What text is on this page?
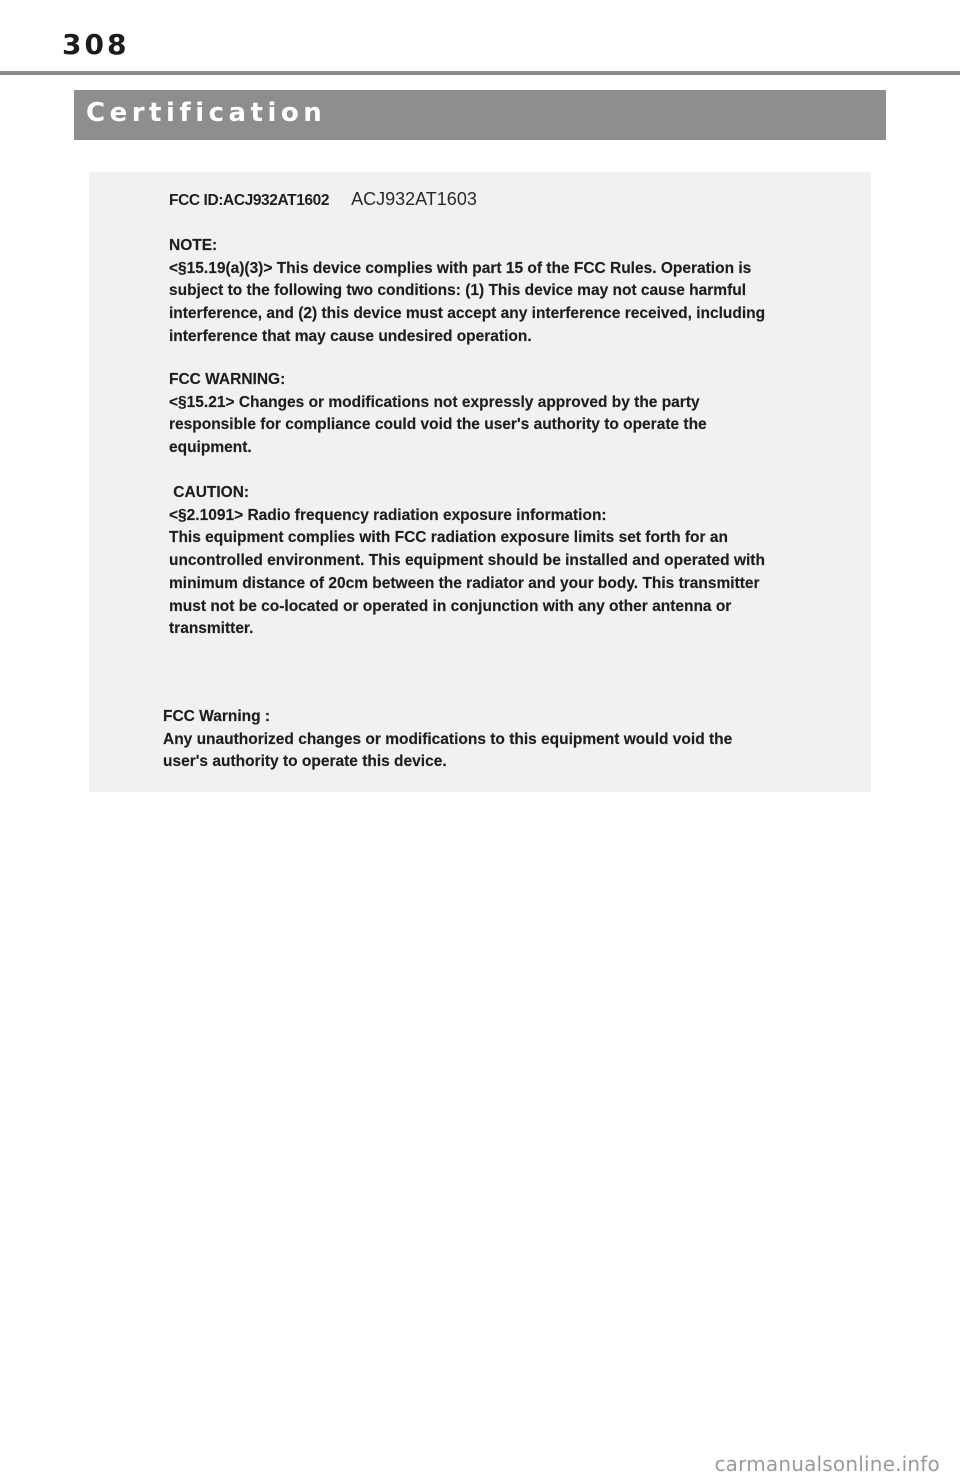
308
Certification
FCC ID:ACJ932AT1602 ACJ932AT1603
NOTE:
<§15.19(a)(3)> This device complies with part 15 of the FCC Rules. Operation is
subject to the following two conditions: (1) This device may not cause harmful
interference, and (2) this device must accept any interference received, including
interference that may cause undesired operation.
FCC WARNING:
<§15.21> Changes or modifications not expressly approved by the party
responsible for compliance could void the user's authority to operate the
equipment.
CAUTION:
<§2.1091> Radio frequency radiation exposure information:
This equipment complies with FCC radiation exposure limits set forth for an
uncontrolled environment. This equipment should be installed and operated with
minimum distance of 20cm between the radiator and your body. This transmitter
must not be co-located or operated in conjunction with any other antenna or
transmitter.
FCC Warning :
Any unauthorized changes or modifications to this equipment would void the
user's authority to operate this device.
carmanualsonline.info
